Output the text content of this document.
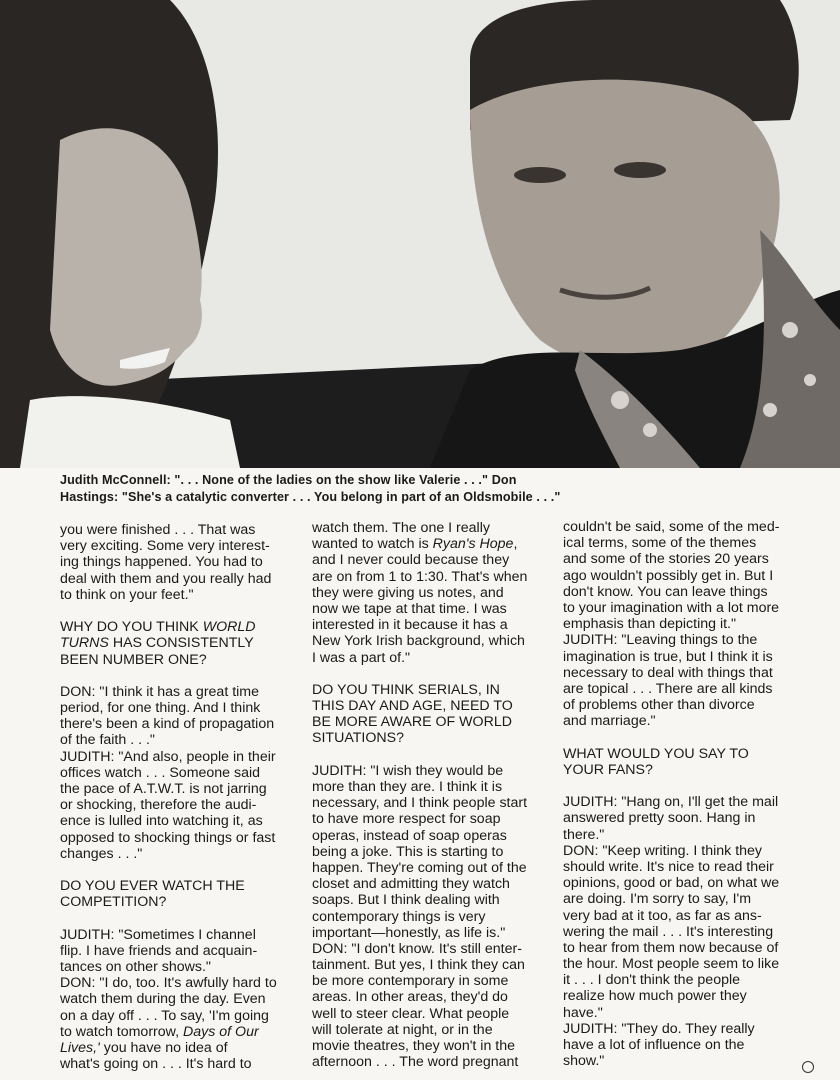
Judith McConnell: ". . . None of the ladies on the show like Valerie . . ." Don
Hastings: "She's a catalytic converter . . . You belong in part of an Oldsmobile . . ."
you were finished . . . That was
very exciting. Some very interest-
ing things happened. You had to
deal with them and you really had
to think on your feet."
WHY DO YOU THINK WORLD
TURNS HAS CONSISTENTLY
BEEN NUMBER ONE?
DON: "I think it has a great time
period, for one thing. And I think
there's been a kind of propagation
of the faith . . ."
JUDITH: "And also, people in their
offices watch . . . Someone said
the pace of A.T.W.T. is not jarring
or shocking, therefore the audi-
ence is lulled into watching it, as
opposed to shocking things or fast
changes . . ."
DO YOU EVER WATCH THE
COMPETITION?
JUDITH: "Sometimes I channel
flip. I have friends and acquain-
tances on other shows."
DON: "I do, too. It's awfully hard to
watch them during the day. Even
on a day off . . . To say, 'I'm going
to watch tomorrow, Days of Our
Lives,' you have no idea of
what's going on . . . It's hard to
watch them. The one I really
wanted to watch is Ryan's Hope,
and I never could because they
are on from 1 to 1:30. That's when
they were giving us notes, and
now we tape at that time. I was
interested in it because it has a
New York Irish background, which
I was a part of."
DO YOU THINK SERIALS, IN
THIS DAY AND AGE, NEED TO
BE MORE AWARE OF WORLD
SITUATIONS?
JUDITH: "I wish they would be
more than they are. I think it is
necessary, and I think people start
to have more respect for soap
operas, instead of soap operas
being a joke. This is starting to
happen. They're coming out of the
closet and admitting they watch
soaps. But I think dealing with
contemporary things is very
important—honestly, as life is."
DON: "I don't know. It's still enter-
tainment. But yes, I think they can
be more contemporary in some
areas. In other areas, they'd do
well to steer clear. What people
will tolerate at night, or in the
movie theatres, they won't in the
afternoon . . . The word pregnant
couldn't be said, some of the med-
ical terms, some of the themes
and some of the stories 20 years
ago wouldn't possibly get in. But I
don't know. You can leave things
to your imagination with a lot more
emphasis than depicting it."
JUDITH: "Leaving things to the
imagination is true, but I think it is
necessary to deal with things that
are topical . . . There are all kinds
of problems other than divorce
and marriage."
WHAT WOULD YOU SAY TO
YOUR FANS?
JUDITH: "Hang on, I'll get the mail
answered pretty soon. Hang in
there."
DON: "Keep writing. I think they
should write. It's nice to read their
opinions, good or bad, on what we
are doing. I'm sorry to say, I'm
very bad at it too, as far as ans-
wering the mail . . . It's interesting
to hear from them now because of
the hour. Most people seem to like
it . . . I don't think the people
realize how much power they
have."
JUDITH: "They do. They really
have a lot of influence on the
show."
